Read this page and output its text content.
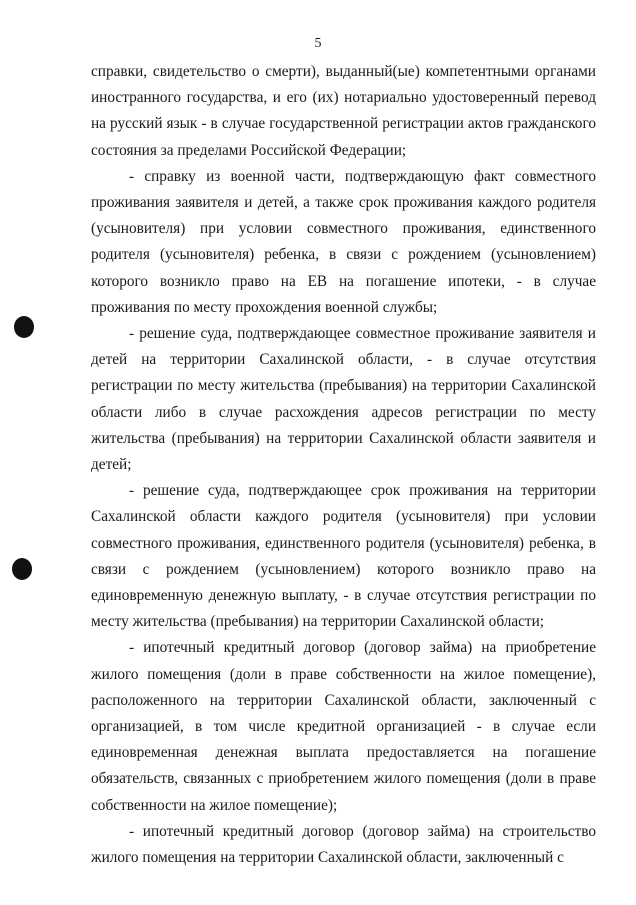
5

справки, свидетельство о смерти), выданный(ые) компетентными органами иностранного государства, и его (их) нотариально удостоверенный перевод на русский язык - в случае государственной регистрации актов гражданского состояния за пределами Российской Федерации;

- справку из военной части, подтверждающую факт совместного проживания заявителя и детей, а также срок проживания каждого родителя (усыновителя) при условии совместного проживания, единственного родителя (усыновителя) ребенка, в связи с рождением (усыновлением) которого возникло право на ЕВ на погашение ипотеки, - в случае проживания по месту прохождения военной службы;

- решение суда, подтверждающее совместное проживание заявителя и детей на территории Сахалинской области, - в случае отсутствия регистрации по месту жительства (пребывания) на территории Сахалинской области либо в случае расхождения адресов регистрации по месту жительства (пребывания) на территории Сахалинской области заявителя и детей;

- решение суда, подтверждающее срок проживания на территории Сахалинской области каждого родителя (усыновителя) при условии совместного проживания, единственного родителя (усыновителя) ребенка, в связи с рождением (усыновлением) которого возникло право на единовременную денежную выплату, - в случае отсутствия регистрации по месту жительства (пребывания) на территории Сахалинской области;

- ипотечный кредитный договор (договор займа) на приобретение жилого помещения (доли в праве собственности на жилое помещение), расположенного на территории Сахалинской области, заключенный с организацией, в том числе кредитной организацией - в случае если единовременная денежная выплата предоставляется на погашение обязательств, связанных с приобретением жилого помещения (доли в праве собственности на жилое помещение);

- ипотечный кредитный договор (договор займа) на строительство жилого помещения на территории Сахалинской области, заключенный с
